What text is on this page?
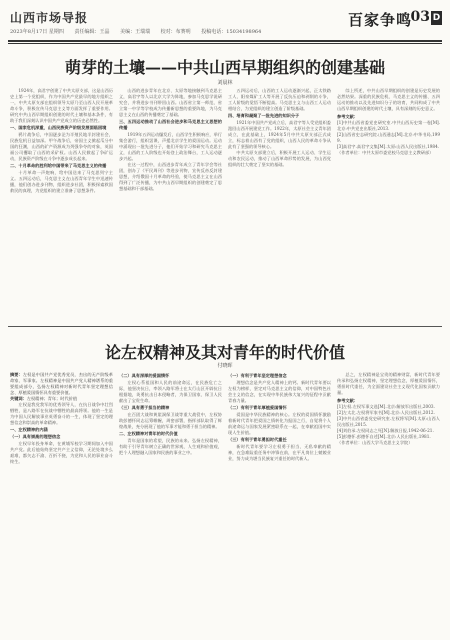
山西市场导报
2023年8月17日 星期四 责任编辑：王晶 美编：王瑞瑞 校对：布赛明 投稿电话：15034198964
百家争鸣
03 D
萌芽的土壤——中共山西早期组织的创建基础
刘晨林

1924年，高君宇创建了中共太原支部，这是山西历史上第一个党组织，作为中国共产党最早的地方组织之一，中共太原支部在组织领导太原乃至山西人民开展革命斗争，积极宣传马克思主义等方面发挥了重要作用。研究中共山西早期组织创建的时代土壤和基本条件，有助于我们深刻认识中国共产党成立的历史必然性。

一、国家危机深重，山西民族资产阶级发展面临困境

鸦片战争后，中国逐步沦为半殖民地半封建社会，民族危机日益加深。甲午战争后，帝国主义掀起瓜分中国的狂潮，山西的矿产资源成为列强争夺的对象，英国福公司攫取了山西的采矿权。山西人民掀起了争矿运动，民族资产阶级在斗争中逐步成长起来。

二、十月革命的胜利给中国带来了马克思主义的传播

十月革命一声炮响，给中国送来了马克思列宁主义。五四运动后，马克思主义在山西青年学生中迅速传播，他们创办进步刊物，组织进步社团，积极探索救国救民的真理，为党组织的建立准备了思想条件。

山西的进步青年在北京、太原等地接触到马克思主义，高君宇等人以北京大学为阵地，参加马克思学说研究会，并将进步书刊带回山西。山西省立第一师范、省立第一中学等学校成为传播新思想的重要阵地，为马克思主义在山西的传播奠定了基础。

三、五四运动推动了山西社会进步和马克思主义思想的传播

1919年五四运动爆发后，山西学生积极响应，举行集会游行，组织罢课，声援北京学生的爱国运动。运动中涌现出一批先进分子，他们开始学习和研究马克思主义，山西的工人阶级也开始登上政治舞台，工人运动逐步兴起。

在这一过程中，山西进步青年成立了青年学会等社团，创办了《平民周刊》等进步刊物，宣传反帝反封建思想，介绍俄国十月革命的经验，使马克思主义在山西得到了广泛传播，为中共山西早期组织的创建奠定了思想基础和干部基础。

五四运动后，山西的工人运动逐渐兴起，正太铁路工人、阳泉煤矿工人等开展了反抗压迫和剥削的斗争，工人阶级的觉悟不断提高。马克思主义与山西工人运动相结合，为党组织的建立创造了阶级基础。

四、培育和凝聚了一批先进的知识分子

1921年中国共产党成立后，高君宇等人受党组织委派回山西开展建党工作。1922年，太原社会主义青年团成立，在此基础上，1924年5月中共太原支部正式成立，标志着山西有了党的组织，山西人民的革命斗争从此有了坚强的领导核心。

中共太原支部建立后，积极开展工人运动、学生运动和农民运动，推动了山西革命形势的发展，为山西党组织的壮大奠定了坚实的基础。

综上所述，中共山西早期组织的创建是历史发展的必然结果。深重的民族危机、马克思主义的传播、五四运动的推动以及先进知识分子的培育，共同构成了中共山西早期组织创建的时代土壤，具有深刻的历史意义。

参考文献：

[1]中共山西省委党史研究室.中共山西历史第一卷[M].北京:中共党史出版社,2013.

[2]山西省史志研究院.山西通志[M].北京:中华书局,1999.

[3]高君宇.高君宇文集[M].太原:山西人民出版社,1984.

（作者单位：中共太原市委党校马克思主义教研部）

论左权精神及其对青年的时代价值
付晓晖

摘要：左权是中国共产党优秀党员，杰出的无产阶级革命家、军事家。左权精神是中国共产党人精神谱系的重要组成部分，弘扬左权精神对新时代青年坚定理想信念、厚植爱国情怀具有重要价值。

关键词：左权精神；青年；时代价值

左权是我党我军的优秀领导人，在抗日战争中壮烈牺牲，是八路军在抗战中牺牲的最高将领。他的一生是为中国人民解放事业英勇奋斗的一生，体现了坚定的理想信念和崇高的革命精神。

一、左权精神的内涵

（一）具有崇高的理想信念

左权早年投身革命，在黄埔军校学习期间加入中国共产党。此后他始终坚定共产主义信仰，无论处境多么艰难，都矢志不渝、百折不挠，为党和人民的事业奋斗终生。

（二）具有深厚的爱国情怀

左权心系祖国和人民的前途命运，在民族危亡之际，他坚决抗日，率领八路军将士在太行山区开辟抗日根据地，英勇抗击日本侵略者，为保卫国家、保卫人民献出了宝贵生命。

（三）具有勇于担当的精神

在百团大战和黄崖洞保卫战等重大战役中，左权协助彭德怀同志运筹帷幄，周密部署，指挥部队取得了辉煌战果，充分展现了他的军事才能和勇于担当的精神。

二、左权精神对青年的时代价值

青年是国家的希望，民族的未来。弘扬左权精神，有助于引导青年树立正确的世界观、人生观和价值观，把个人理想融入国家和民族的事业之中。

（一）有利于青年坚定理想信念

理想信念是共产党人精神上的钙。新时代青年要以左权为榜样，坚定对马克思主义的信仰，对中国特色社会主义的信念，在实现中华民族伟大复兴的征程中贡献青春力量。

（二）有利于青年厚植爱国情怀

爱国是中华民族精神的核心。左权的爱国情怀激励着新时代青年把爱国之情转化为报国之行，自觉将个人前途命运与国家发展紧密联系在一起，在奉献祖国中实现人生价值。

（三）有利于青年勇担时代重任

新时代青年要学习左权勇于担当、无私奉献的精神，在急难险重任务中冲锋在前，在平凡岗位上兢兢业业，努力成为堪当民族复兴重任的时代新人。

总之，左权精神是宝贵的精神财富，新时代青年要传承和弘扬左权精神，坚定理想信念，厚植爱国情怀，勇担时代重任，为全面建设社会主义现代化国家贡献力量。

参考文献：

[1]左权.左权军事文选[M].北京:解放军出版社,2003.

[2]左太北.左权将军家书[M].北京:人民出版社,2012.

[3]中共山西省委党史研究室.左权将军[M].太原:山西人民出版社,2015.

[4]刘伯承.左权同志之死[N].解放日报,1942-06-21.

[5]彭德怀.彭德怀自述[M].北京:人民出版社,1981.

（作者单位：山西大学马克思主义学院）
